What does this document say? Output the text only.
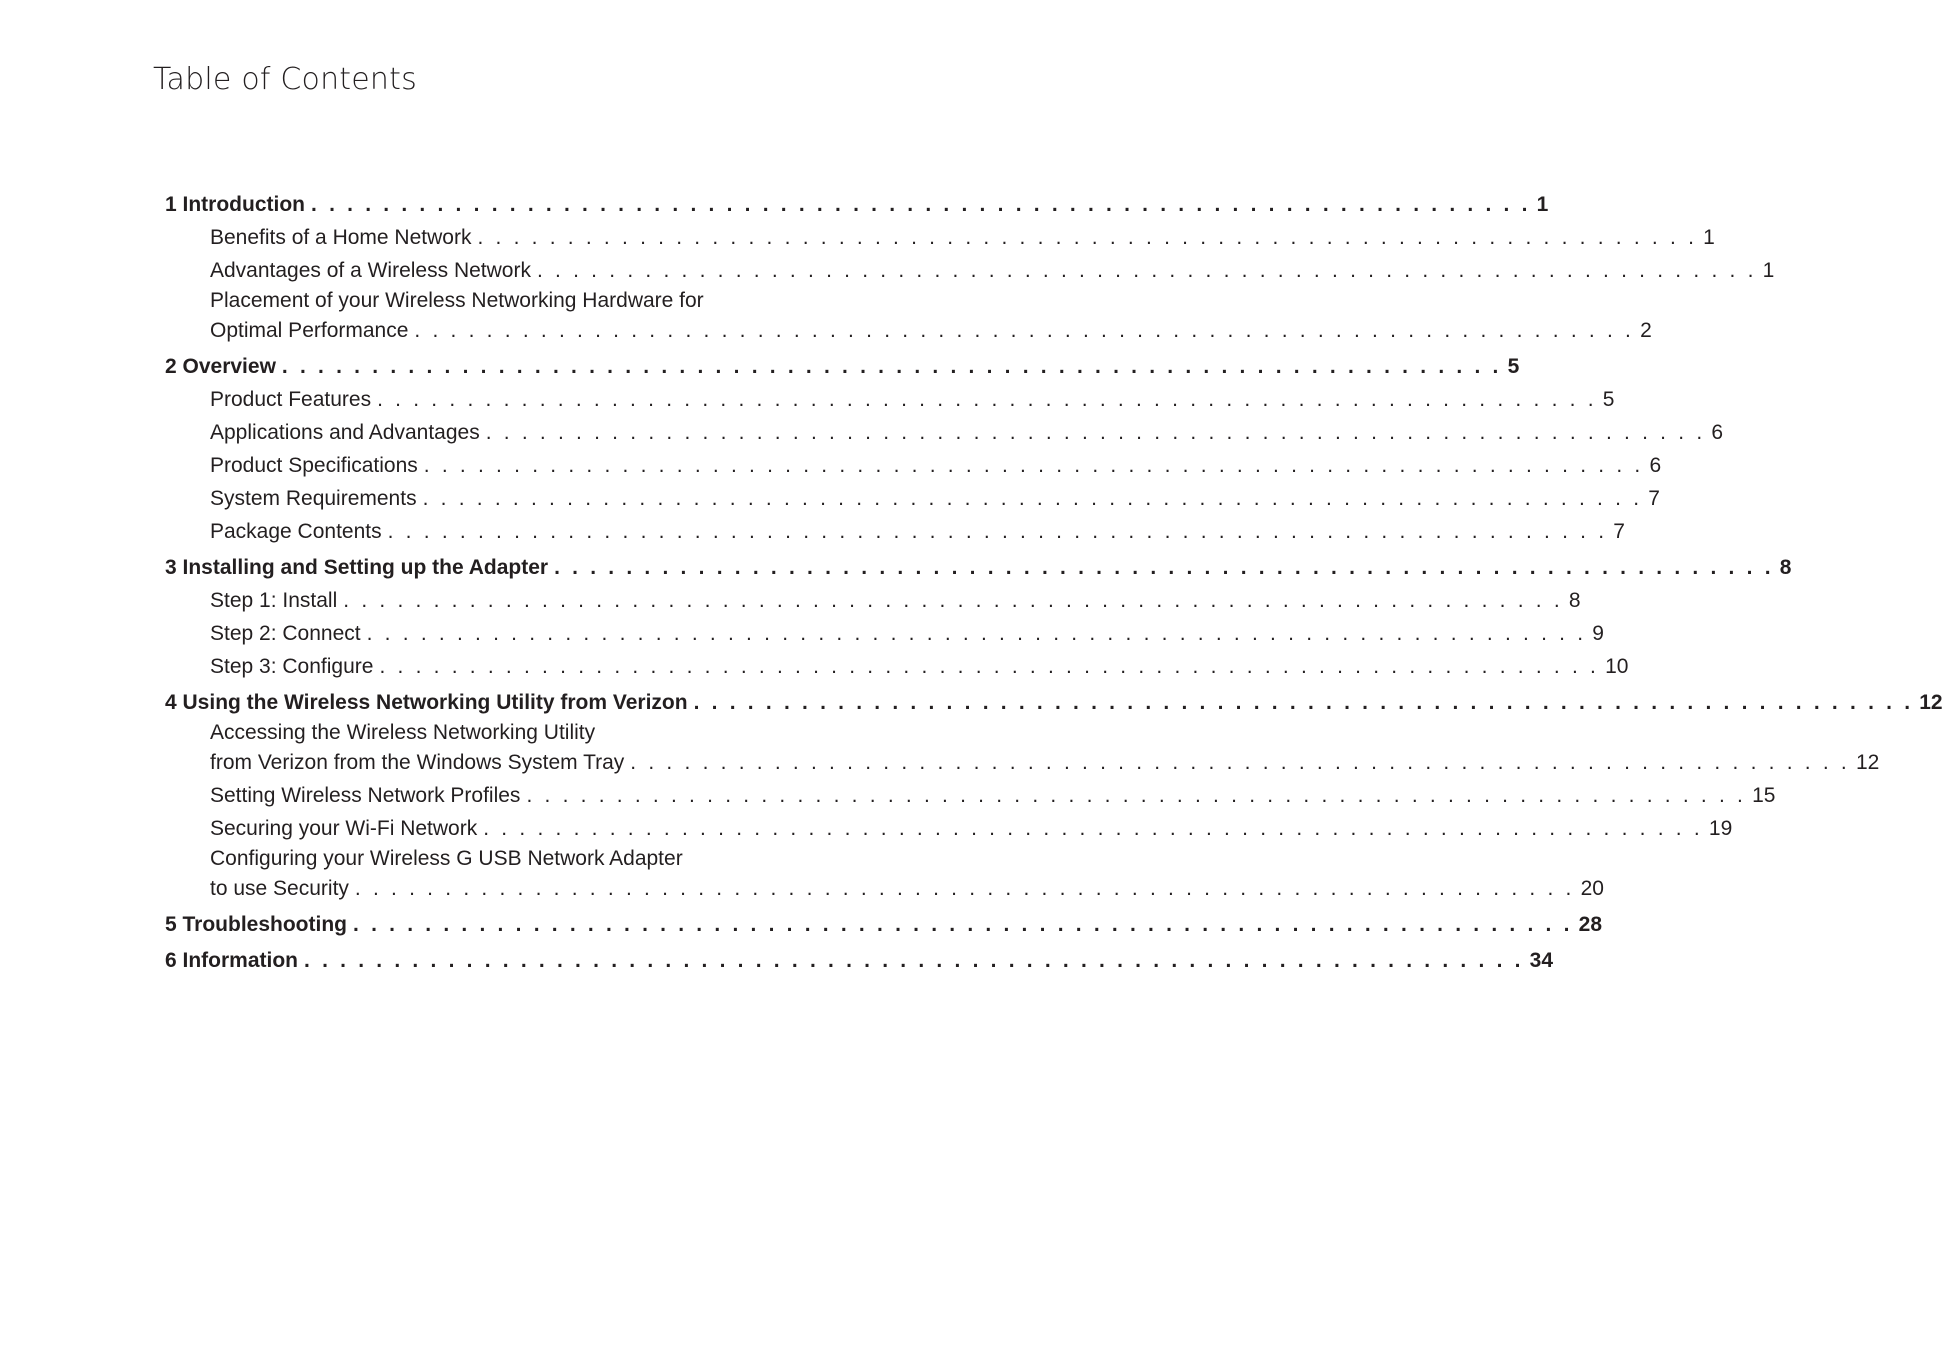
Table of Contents
1 Introduction . . . . . . . . . . . . . . . . . . . . . . . . . . . . . . . . . . . . . . . . . . . . . . . . . . . . . . . . . . . . . . . . . . . . 1
Benefits of a Home Network . . . . . . . . . . . . . . . . . . . . . . . . . . . . . . . . . . . . . . . . . . . . . . . . . . . . . . . . . . . . . . . . . . . . 1
Advantages of a Wireless Network . . . . . . . . . . . . . . . . . . . . . . . . . . . . . . . . . . . . . . . . . . . . . . . . . . . . . . . . . . . . . . . . . . . . 1
Placement of your Wireless Networking Hardware for
Optimal Performance . . . . . . . . . . . . . . . . . . . . . . . . . . . . . . . . . . . . . . . . . . . . . . . . . . . . . . . . . . . . . . . . . . . . 2
2 Overview . . . . . . . . . . . . . . . . . . . . . . . . . . . . . . . . . . . . . . . . . . . . . . . . . . . . . . . . . . . . . . . . . . . . 5
Product Features . . . . . . . . . . . . . . . . . . . . . . . . . . . . . . . . . . . . . . . . . . . . . . . . . . . . . . . . . . . . . . . . . . . . 5
Applications and Advantages . . . . . . . . . . . . . . . . . . . . . . . . . . . . . . . . . . . . . . . . . . . . . . . . . . . . . . . . . . . . . . . . . . . . 6
Product Specifications . . . . . . . . . . . . . . . . . . . . . . . . . . . . . . . . . . . . . . . . . . . . . . . . . . . . . . . . . . . . . . . . . . . . 6
System Requirements . . . . . . . . . . . . . . . . . . . . . . . . . . . . . . . . . . . . . . . . . . . . . . . . . . . . . . . . . . . . . . . . . . . . 7
Package Contents . . . . . . . . . . . . . . . . . . . . . . . . . . . . . . . . . . . . . . . . . . . . . . . . . . . . . . . . . . . . . . . . . . . . 7
3 Installing and Setting up the Adapter . . . . . . . . . . . . . . . . . . . . . . . . . . . . . . . . . . . . . . . . . . . . . . . . . . . . . . . . . . . . . . . . . . . . 8
Step 1: Install . . . . . . . . . . . . . . . . . . . . . . . . . . . . . . . . . . . . . . . . . . . . . . . . . . . . . . . . . . . . . . . . . . . . 8
Step 2: Connect . . . . . . . . . . . . . . . . . . . . . . . . . . . . . . . . . . . . . . . . . . . . . . . . . . . . . . . . . . . . . . . . . . . . 9
Step 3: Configure . . . . . . . . . . . . . . . . . . . . . . . . . . . . . . . . . . . . . . . . . . . . . . . . . . . . . . . . . . . . . . . . . . . . 10
4 Using the Wireless Networking Utility from Verizon . . . . . . . . . . . . . . . . . . . . . . . . . . . . . . . . . . . . . . . . . . . . . . . . . . . . . . . . . . . . . . . . . . . . 12
Accessing the Wireless Networking Utility
from Verizon from the Windows System Tray . . . . . . . . . . . . . . . . . . . . . . . . . . . . . . . . . . . . . . . . . . . . . . . . . . . . . . . . . . . . . . . . . . . . 12
Setting Wireless Network Profiles . . . . . . . . . . . . . . . . . . . . . . . . . . . . . . . . . . . . . . . . . . . . . . . . . . . . . . . . . . . . . . . . . . . . 15
Securing your Wi-Fi Network . . . . . . . . . . . . . . . . . . . . . . . . . . . . . . . . . . . . . . . . . . . . . . . . . . . . . . . . . . . . . . . . . . . . 19
Configuring your Wireless G USB Network Adapter
to use Security . . . . . . . . . . . . . . . . . . . . . . . . . . . . . . . . . . . . . . . . . . . . . . . . . . . . . . . . . . . . . . . . . . . . 20
5 Troubleshooting . . . . . . . . . . . . . . . . . . . . . . . . . . . . . . . . . . . . . . . . . . . . . . . . . . . . . . . . . . . . . . . . . . . . 28
6 Information . . . . . . . . . . . . . . . . . . . . . . . . . . . . . . . . . . . . . . . . . . . . . . . . . . . . . . . . . . . . . . . . . . . . 34
